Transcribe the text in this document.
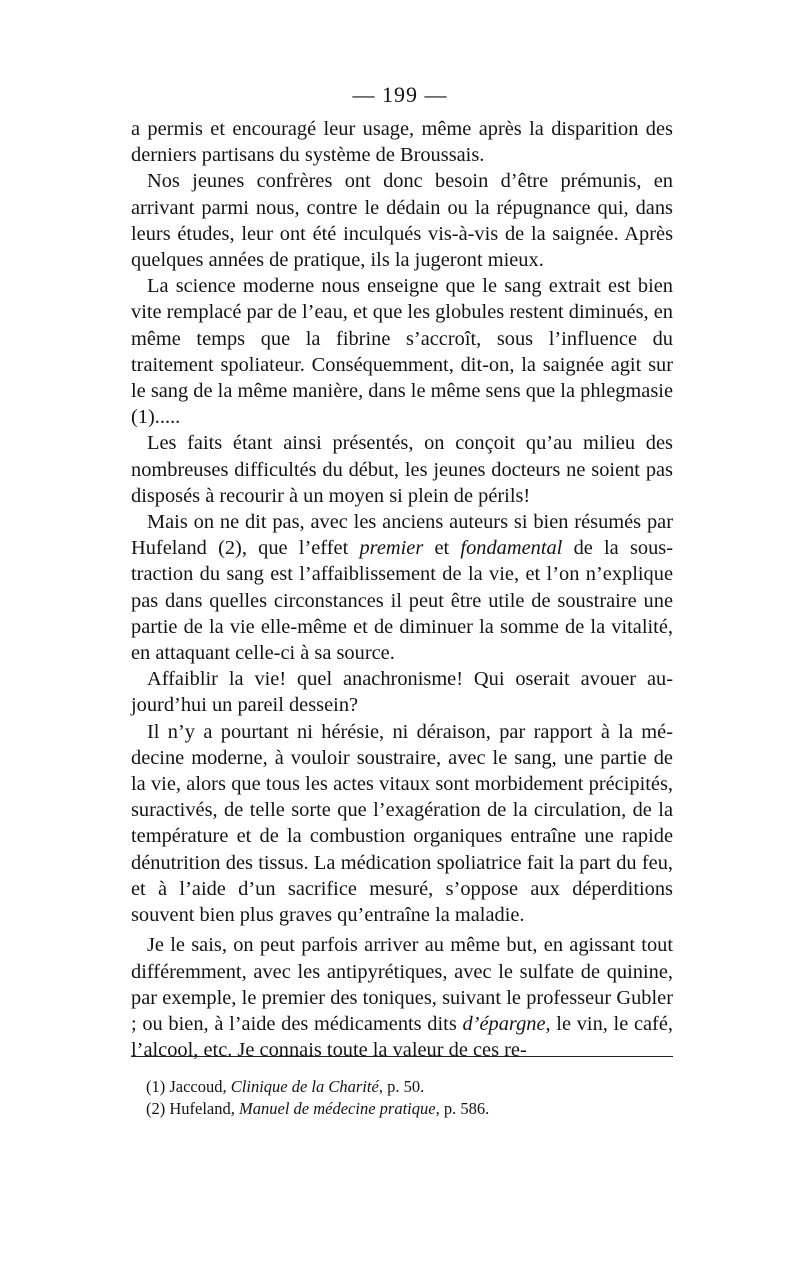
— 199 —

a permis et encouragé leur usage, même après la disparition des derniers partisans du système de Broussais.

Nos jeunes confrères ont donc besoin d’être prémunis, en arrivant parmi nous, contre le dédain ou la répugnance qui, dans leurs études, leur ont été inculqués vis-à-vis de la saignée. Après quelques années de pratique, ils la jugeront mieux.

La science moderne nous enseigne que le sang extrait est bien vite remplacé par de l’eau, et que les globules restent diminués, en même temps que la fibrine s’accroît, sous l’influence du traitement spoliateur. Conséquemment, dit-on, la saignée agit sur le sang de la même manière, dans le même sens que la phlegmasie (1).....

Les faits étant ainsi présentés, on conçoit qu’au milieu des nombreuses difficultés du début, les jeunes docteurs ne soient pas disposés à recourir à un moyen si plein de périls!

Mais on ne dit pas, avec les anciens auteurs si bien résumés par Hufeland (2), que l’effet premier et fondamental de la soustraction du sang est l’affaiblissement de la vie, et l’on n’explique pas dans quelles circonstances il peut être utile de soustraire une partie de la vie elle-même et de diminuer la somme de la vitalité, en attaquant celle-ci à sa source.

Affaiblir la vie! quel anachronisme! Qui oserait avouer aujourd’hui un pareil dessein?

Il n’y a pourtant ni hérésie, ni déraison, par rapport à la médecine moderne, à vouloir soustraire, avec le sang, une partie de la vie, alors que tous les actes vitaux sont morbidement précipités, suractivés, de telle sorte que l’exagération de la circulation, de la température et de la combustion organiques entraîne une rapide dénutrition des tissus. La médication spoliatrice fait la part du feu, et à l’aide d’un sacrifice mesuré, s’oppose aux déperditions souvent bien plus graves qu’entraîne la maladie.

Je le sais, on peut parfois arriver au même but, en agissant tout différemment, avec les antipyrétiques, avec le sulfate de quinine, par exemple, le premier des toniques, suivant le professeur Gubler ; ou bien, à l’aide des médicaments dits d’épargne, le vin, le café, l’alcool, etc. Je connais toute la valeur de ces re-

(1) Jaccoud, Clinique de la Charité, p. 50.

(2) Hufeland, Manuel de médecine pratique, p. 586.
